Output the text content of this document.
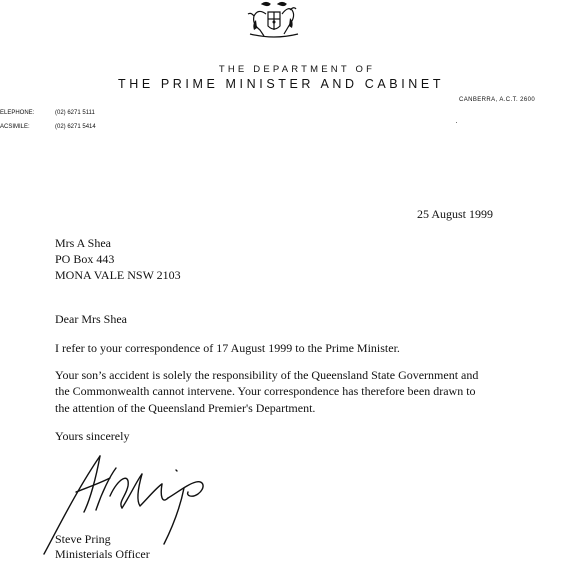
THE DEPARTMENT OF
THE PRIME MINISTER AND CABINET
CANBERRA, A.C.T. 2600
ELEPHONE:	(02) 6271 5111
ACSIMILE:	(02) 6271 5414
25 August 1999
Mrs A Shea
PO Box 443
MONA VALE NSW 2103
Dear Mrs Shea
I refer to your correspondence of 17 August 1999 to the Prime Minister.
Your son’s accident is solely the responsibility of the Queensland State Government and
the Commonwealth cannot intervene. Your correspondence has therefore been drawn to
the attention of the Queensland Premier's Department.
Yours sincerely
Steve Pring
Ministerials Officer
